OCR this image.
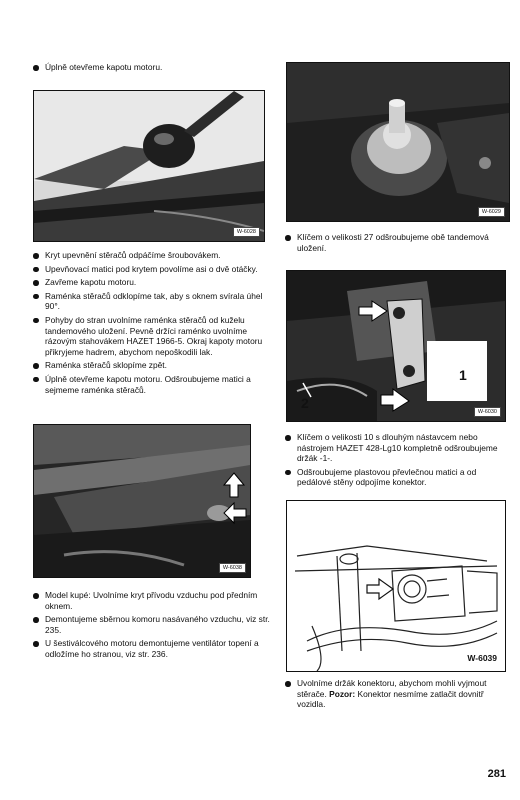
Úplně otevřeme kapotu motoru.

W-6028

Kryt upevnění stěračů odpáčíme šroubovákem.

Upevňovací matici pod krytem povolíme asi o dvě otáčky.

Zavřeme kapotu motoru.

Raménka stěračů odklopíme tak, aby s oknem svírala úhel 90°.

Pohyby do stran uvolníme raménka stěračů od kuželu tandemového uložení. Pevně držíci raménko uvolníme rázovým stahovákem HAZET 1966-5. Okraj kapoty motoru přikryjeme hadrem, abychom nepoškodili lak.

Raménka stěračů sklopíme zpět.

Úplně otevřeme kapotu motoru. Odšroubujeme matici a sejmeme raménka stěračů.

W-6038

Model kupé: Uvolníme kryt přívodu vzduchu pod předním oknem.

Demontujeme sběrnou komoru nasávaného vzduchu, viz str. 235.

U šestiválcového motoru demontujeme ventilátor topení a odložíme ho stranou, viz str. 236.

W-6029

Klíčem o velikosti 27 odšroubujeme obě tandemová uložení.

1
2
W-6030

Klíčem o velikosti 10 s dlouhým nástavcem nebo nástrojem HAZET 428-Lg10 kompletně odšroubujeme držák -1-.

Odšroubujeme plastovou převlečnou matici a od pedálové stěny odpojíme konektor.

W-6039

Uvolníme držák konektoru, abychom mohli vyjmout stěrače. Pozor: Konektor nesmíme zatlačit dovnitř vozidla.

281
